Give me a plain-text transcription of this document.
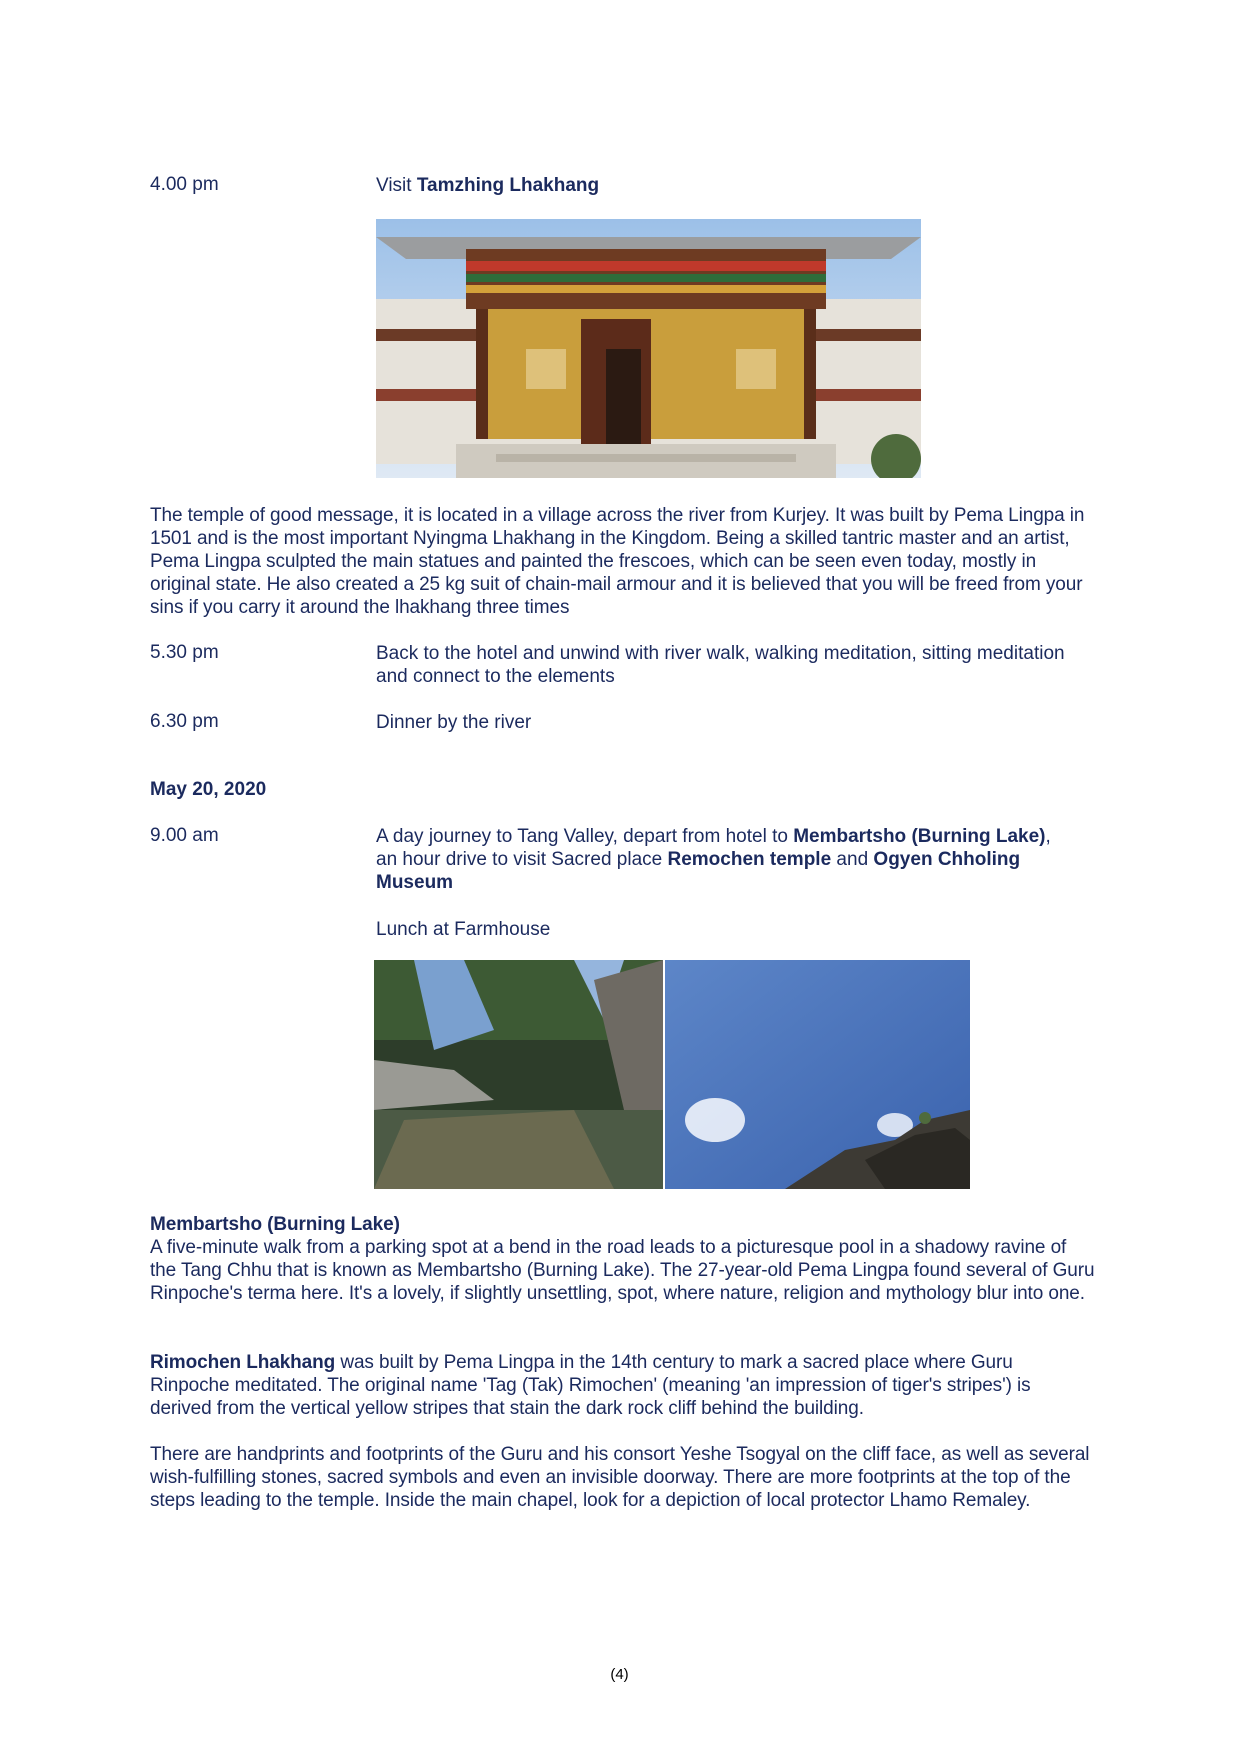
4.00 pm	Visit Tamzhing Lhakhang
The temple of good message, it is located in a village across the river from Kurjey. It was built by Pema Lingpa in 1501 and is the most important Nyingma Lhakhang in the Kingdom. Being a skilled tantric master and an artist, Pema Lingpa sculpted the main statues and painted the frescoes, which can be seen even today, mostly in original state. He also created a 25 kg suit of chain-mail armour and it is believed that you will be freed from your sins if you carry it around the lhakhang three times
5.30 pm	Back to the hotel and unwind with river walk, walking meditation, sitting meditation and connect to the elements
6.30 pm	Dinner by the river
May 20, 2020
9.00 am	A day journey to Tang Valley, depart from hotel to Membartsho (Burning Lake), an hour drive to visit Sacred place Remochen temple and Ogyen Chholing Museum
Lunch at Farmhouse
Membartsho (Burning Lake)
A five-minute walk from a parking spot at a bend in the road leads to a picturesque pool in a shadowy ravine of the Tang Chhu that is known as Membartsho (Burning Lake). The 27-year-old Pema Lingpa found several of Guru Rinpoche's terma here. It's a lovely, if slightly unsettling, spot, where nature, religion and mythology blur into one.
Rimochen Lhakhang was built by Pema Lingpa in the 14th century to mark a sacred place where Guru Rinpoche meditated. The original name 'Tag (Tak) Rimochen' (meaning 'an impression of tiger's stripes') is derived from the vertical yellow stripes that stain the dark rock cliff behind the building.
There are handprints and footprints of the Guru and his consort Yeshe Tsogyal on the cliff face, as well as several wish-fulfilling stones, sacred symbols and even an invisible doorway. There are more footprints at the top of the steps leading to the temple. Inside the main chapel, look for a depiction of local protector Lhamo Remaley.
(4)
